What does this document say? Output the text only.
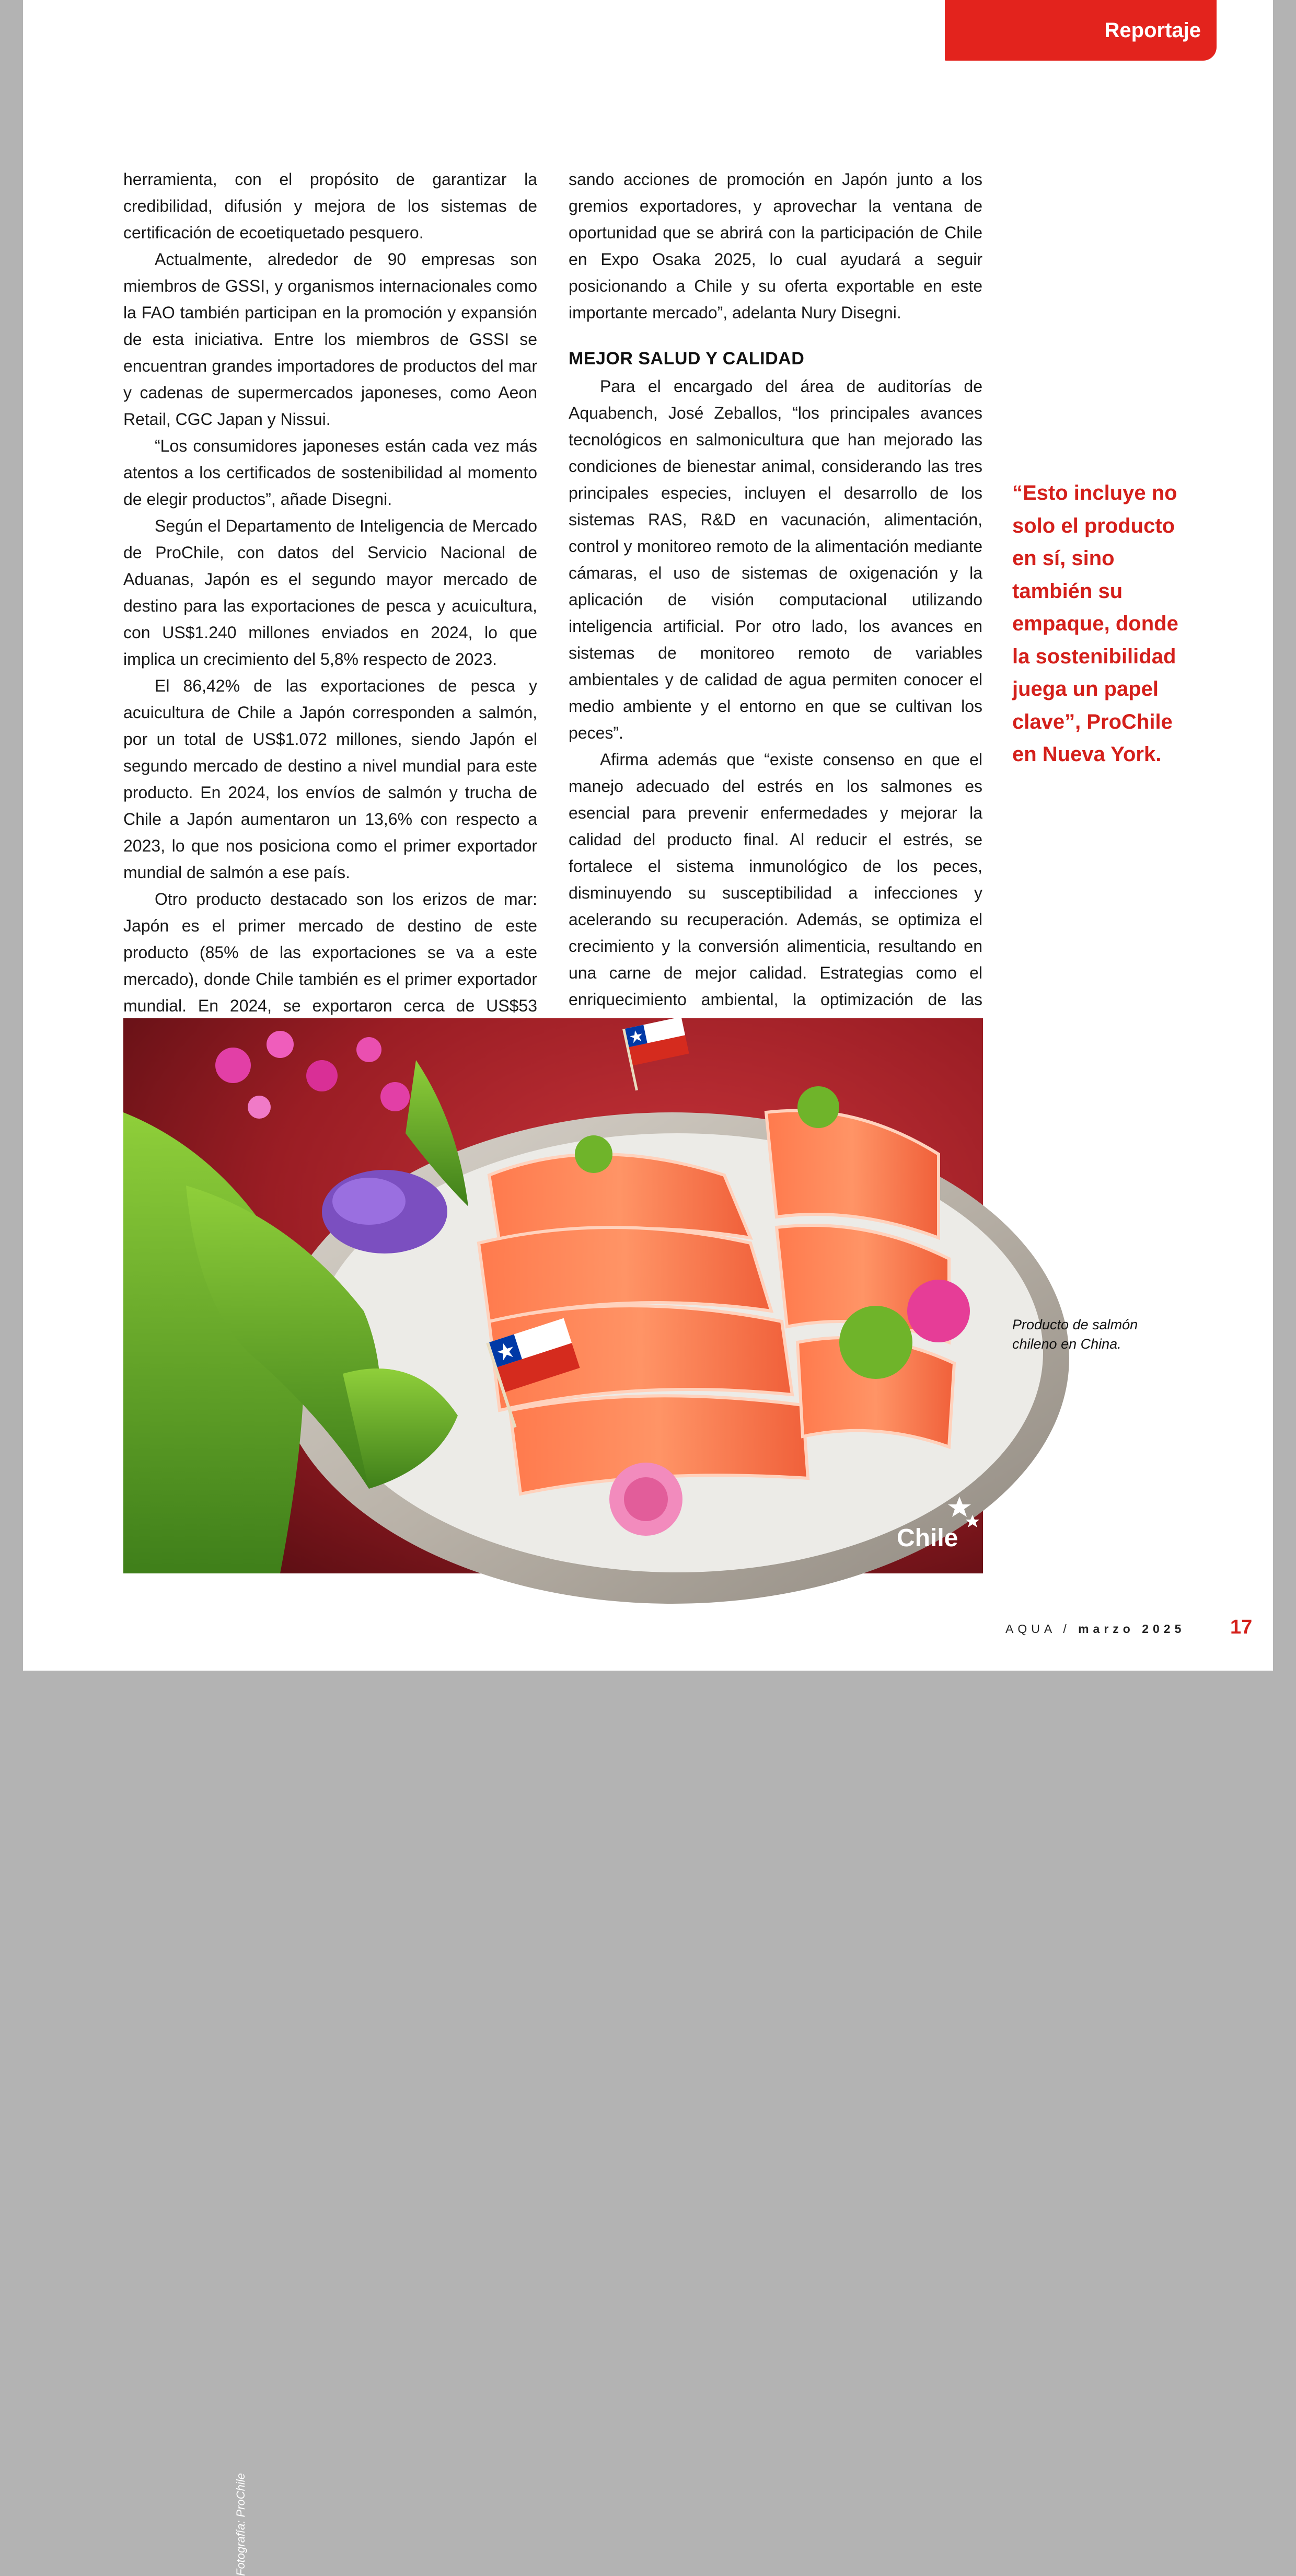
Reportaje

herramienta, con el propósito de garantizar la credibilidad, difusión y mejora de los sistemas de certificación de ecoetiquetado pesquero.

Actualmente, alrededor de 90 empresas son miembros de GSSI, y organismos internacionales como la FAO también participan en la promoción y expansión de esta iniciativa. Entre los miembros de GSSI se encuentran grandes importadores de productos del mar y cadenas de supermercados japoneses, como Aeon Retail, CGC Japan y Nissui.

“Los consumidores japoneses están cada vez más atentos a los certificados de sostenibilidad al momento de elegir productos”, añade Disegni.

Según el Departamento de Inteligencia de Mercado de ProChile, con datos del Servicio Nacional de Aduanas, Japón es el segundo mayor mercado de destino para las exportaciones de pesca y acuicultura, con US$1.240 millones enviados en 2024, lo que implica un crecimiento del 5,8% respecto de 2023.

El 86,42% de las exportaciones de pesca y acuicultura de Chile a Japón corresponden a salmón, por un total de US$1.072 millones, siendo Japón el segundo mercado de destino a nivel mundial para este producto. En 2024, los envíos de salmón y trucha de Chile a Japón aumentaron un 13,6% con respecto a 2023, lo que nos posiciona como el primer exportador mundial de salmón a ese país.

Otro producto destacado son los erizos de mar: Japón es el primer mercado de destino de este producto (85% de las exportaciones se va a este mercado), donde Chile también es el primer exportador mundial. En 2024, se exportaron cerca de US$53

sando acciones de promoción en Japón junto a los gremios exportadores, y aprovechar la ventana de oportunidad que se abrirá con la participación de Chile en Expo Osaka 2025, lo cual ayudará a seguir posicionando a Chile y su oferta exportable en este importante mercado”, adelanta Nury Disegni.

MEJOR SALUD Y CALIDAD

Para el encargado del área de auditorías de Aquabench, José Zeballos, “los principales avances tecnológicos en salmonicultura que han mejorado las condiciones de bienestar animal, considerando las tres principales especies, incluyen el desarrollo de los sistemas RAS, R&D en vacunación, alimentación, control y monitoreo remoto de la alimentación mediante cámaras, el uso de sistemas de oxigenación y la aplicación de visión computacional utilizando inteligencia artificial. Por otro lado, los avances en sistemas de monitoreo remoto de variables ambientales y de calidad de agua permiten conocer el medio ambiente y el entorno en que se cultivan los peces”.

Afirma además que “existe consenso en que el manejo adecuado del estrés en los salmones es esencial para prevenir enfermedades y mejorar la calidad del producto final. Al reducir el estrés, se fortalece el sistema inmunológico de los peces, disminuyendo su susceptibilidad a infecciones y acelerando su recuperación. Además, se optimiza el crecimiento y la conversión alimenticia, resultando en una carne de mejor calidad. Estrategias como el enriquecimiento ambiental, la optimización de las

“Esto incluye no solo el producto en sí, sino también su empaque, donde la sostenibilidad juega un papel clave”, ProChile en Nueva York.
Chile
Fotografía: ProChile
Producto de salmón chileno en China.
AQUA / marzo 2025 17
